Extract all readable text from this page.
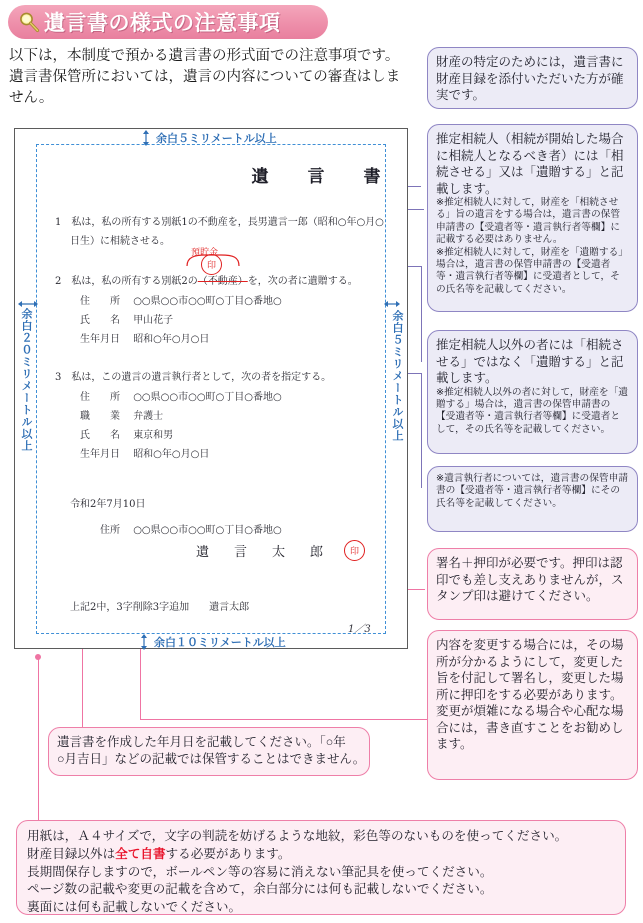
遺言書の様式の注意事項
以下は，本制度で預かる遺言書の形式面での注意事項です。
遺言書保管所においては，遺言の内容についての審査はしま
せん。
余白５ミリメートル以上
余白２０ミリメートル以上	余白５ミリメートル以上
余白１０ミリメートル以上
遺　言　書
1　私は，私の所有する別紙1の不動産を，長男遺言一郎（昭和○年○月○
日生）に相続させる。
預貯金
印
2　私は，私の所有する別紙2の（不動産）を，次の者に遺贈する。
住　　所 ○○県○○市○○町○丁目○番地○
氏　　名 甲山花子
生年月日 昭和○年○月○日
3　私は，この遺言の遺言執行者として，次の者を指定する。
住　　所 ○○県○○市○○町○丁目○番地○
職　　業 弁護士
氏　　名 東京和男
生年月日 昭和○年○月○日
令和2年7月10日
住所 ○○県○○市○○町○丁目○番地○
遺　言　太　郎	印
上記2中，3字削除3字追加　　遺言太郎
1／3
財産の特定のためには，遺言書に財産目録を添付いただいた方が確実です。
推定相続人（相続が開始した場合に相続人となるべき者）には「相続させる」又は「遺贈する」と記載します。
※推定相続人に対して，財産を「相続させる」旨の遺言をする場合は，遺言書の保管申請書の【受遺者等・遺言執行者等欄】に記載する必要はありません。
※推定相続人に対して，財産を「遺贈する」場合は，遺言書の保管申請書の【受遺者等・遺言執行者等欄】に受遺者として，その氏名等を記載してください。
推定相続人以外の者には「相続させる」ではなく「遺贈する」と記載します。
※推定相続人以外の者に対して，財産を「遺贈する」場合は，遺言書の保管申請書の【受遺者等・遺言執行者等欄】に受遺者として，その氏名等を記載してください。
※遺言執行者については，遺言書の保管申請書の【受遺者等・遺言執行者等欄】にその氏名等を記載してください。
署名＋押印が必要です。押印は認印でも差し支えありませんが，スタンプ印は避けてください。
内容を変更する場合には，その場所が分かるようにして，変更した旨を付記して署名し，変更した場所に押印をする必要があります。変更が煩雑になる場合や心配な場合には，書き直すことをお勧めします。
遺言書を作成した年月日を記載してください。「○年
○月吉日」などの記載では保管することはできません。
用紙は，Ａ４サイズで，文字の判読を妨げるような地紋，彩色等のないものを使ってください。
財産目録以外は全て自書する必要があります。
長期間保存しますので，ボールペン等の容易に消えない筆記具を使ってください。
ページ数の記載や変更の記載を含めて，余白部分には何も記載しないでください。
裏面には何も記載しないでください。
